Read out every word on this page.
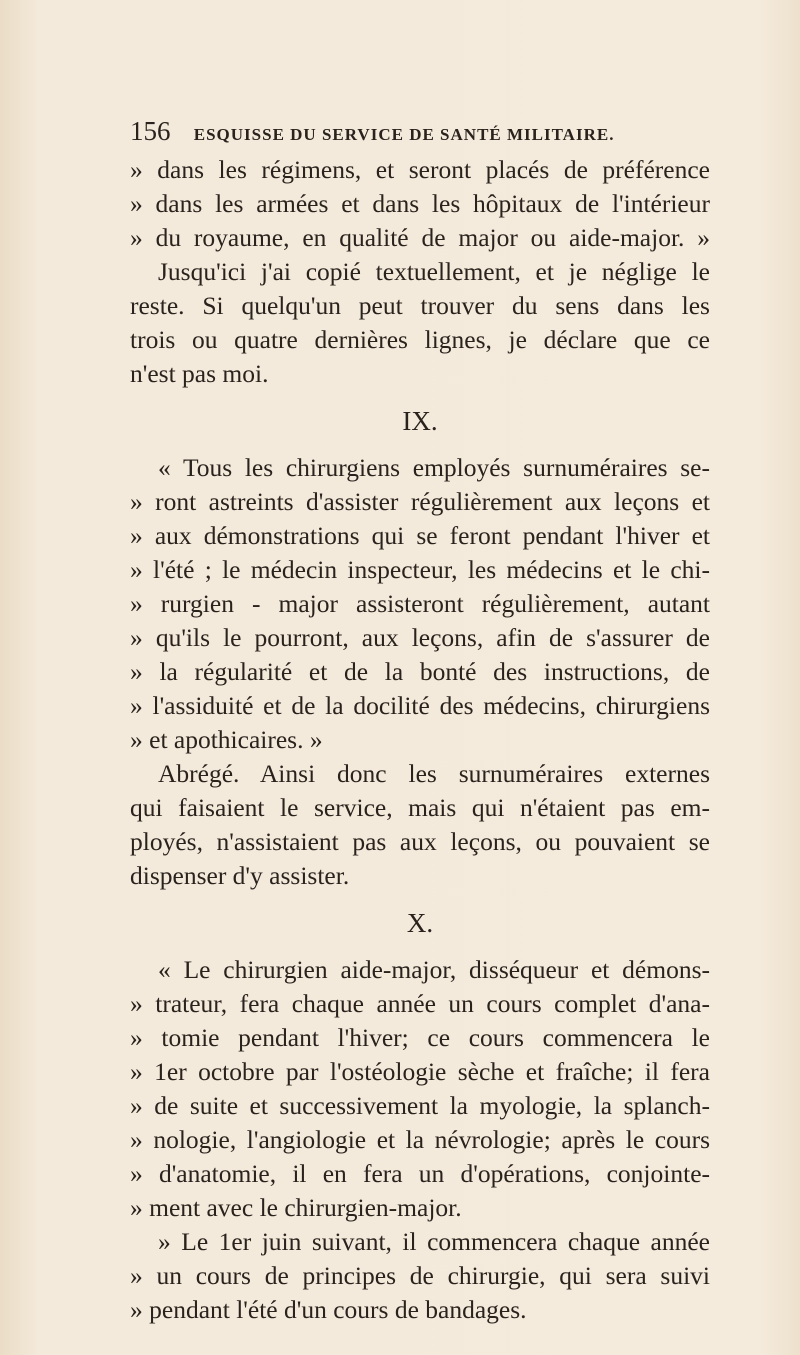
156 ESQUISSE DU SERVICE DE SANTÉ MILITAIRE.
» dans les régimens, et seront placés de préférence
» dans les armées et dans les hôpitaux de l'intérieur
» du royaume, en qualité de major ou aide-major. »
Jusqu'ici j'ai copié textuellement, et je néglige le
reste. Si quelqu'un peut trouver du sens dans les
trois ou quatre dernières lignes, je déclare que ce
n'est pas moi.
IX.
« Tous les chirurgiens employés surnuméraires se-
» ront astreints d'assister régulièrement aux leçons et
» aux démonstrations qui se feront pendant l'hiver et
» l'été ; le médecin inspecteur, les médecins et le chi-
» rurgien - major assisteront régulièrement, autant
» qu'ils le pourront, aux leçons, afin de s'assurer de
» la régularité et de la bonté des instructions, de
» l'assiduité et de la docilité des médecins, chirurgiens
» et apothicaires. »
Abrégé. Ainsi donc les surnuméraires externes
qui faisaient le service, mais qui n'étaient pas em-
ployés, n'assistaient pas aux leçons, ou pouvaient se
dispenser d'y assister.
X.
« Le chirurgien aide-major, disséqueur et démons-
» trateur, fera chaque année un cours complet d'ana-
» tomie pendant l'hiver; ce cours commencera le
» 1er octobre par l'ostéologie sèche et fraîche; il fera
» de suite et successivement la myologie, la splanch-
» nologie, l'angiologie et la névrologie; après le cours
» d'anatomie, il en fera un d'opérations, conjointe-
» ment avec le chirurgien-major.
» Le 1er juin suivant, il commencera chaque année
» un cours de principes de chirurgie, qui sera suivi
» pendant l'été d'un cours de bandages.
